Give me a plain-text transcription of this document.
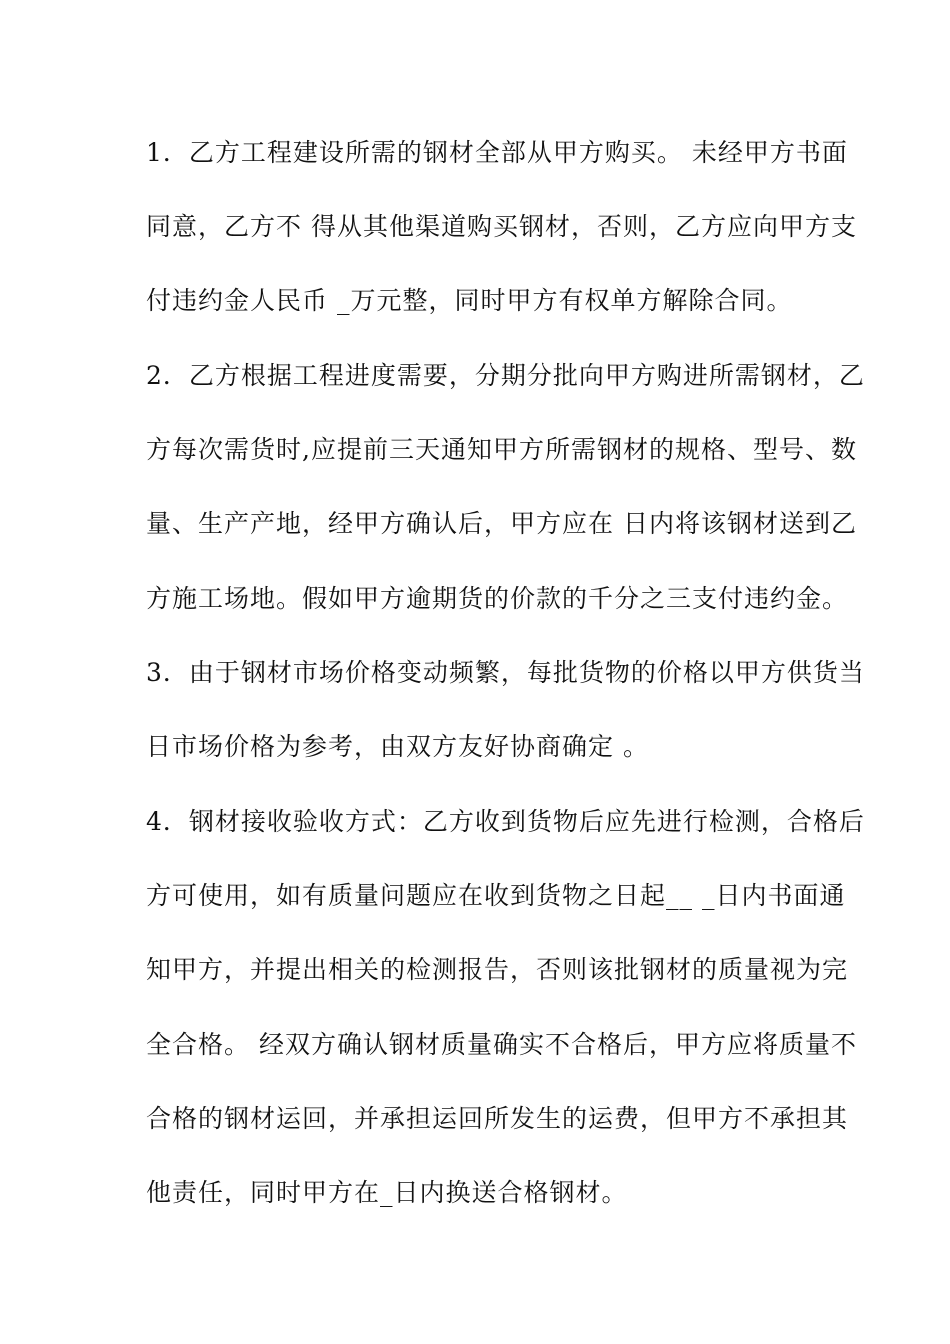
1．乙方工程建设所需的钢材全部从甲方购买。 未经甲方书面
同意，乙方不 得从其他渠道购买钢材，否则，乙方应向甲方支
付违约金人民币 _万元整，同时甲方有权单方解除合同。
2．乙方根据工程进度需要，分期分批向甲方购进所需钢材，乙
方每次需货时,应提前三天通知甲方所需钢材的规格、型号、数
量、生产产地，经甲方确认后，甲方应在 日内将该钢材送到乙
方施工场地。假如甲方逾期货的价款的千分之三支付违约金。
3．由于钢材市场价格变动频繁，每批货物的价格以甲方供货当
日市场价格为参考，由双方友好协商确定 。
4．钢材接收验收方式：乙方收到货物后应先进行检测，合格后
方可使用，如有质量问题应在收到货物之日起__ _日内书面通
知甲方，并提出相关的检测报告，否则该批钢材的质量视为完
全合格。 经双方确认钢材质量确实不合格后，甲方应将质量不
合格的钢材运回，并承担运回所发生的运费，但甲方不承担其
他责任，同时甲方在_日内换送合格钢材。
